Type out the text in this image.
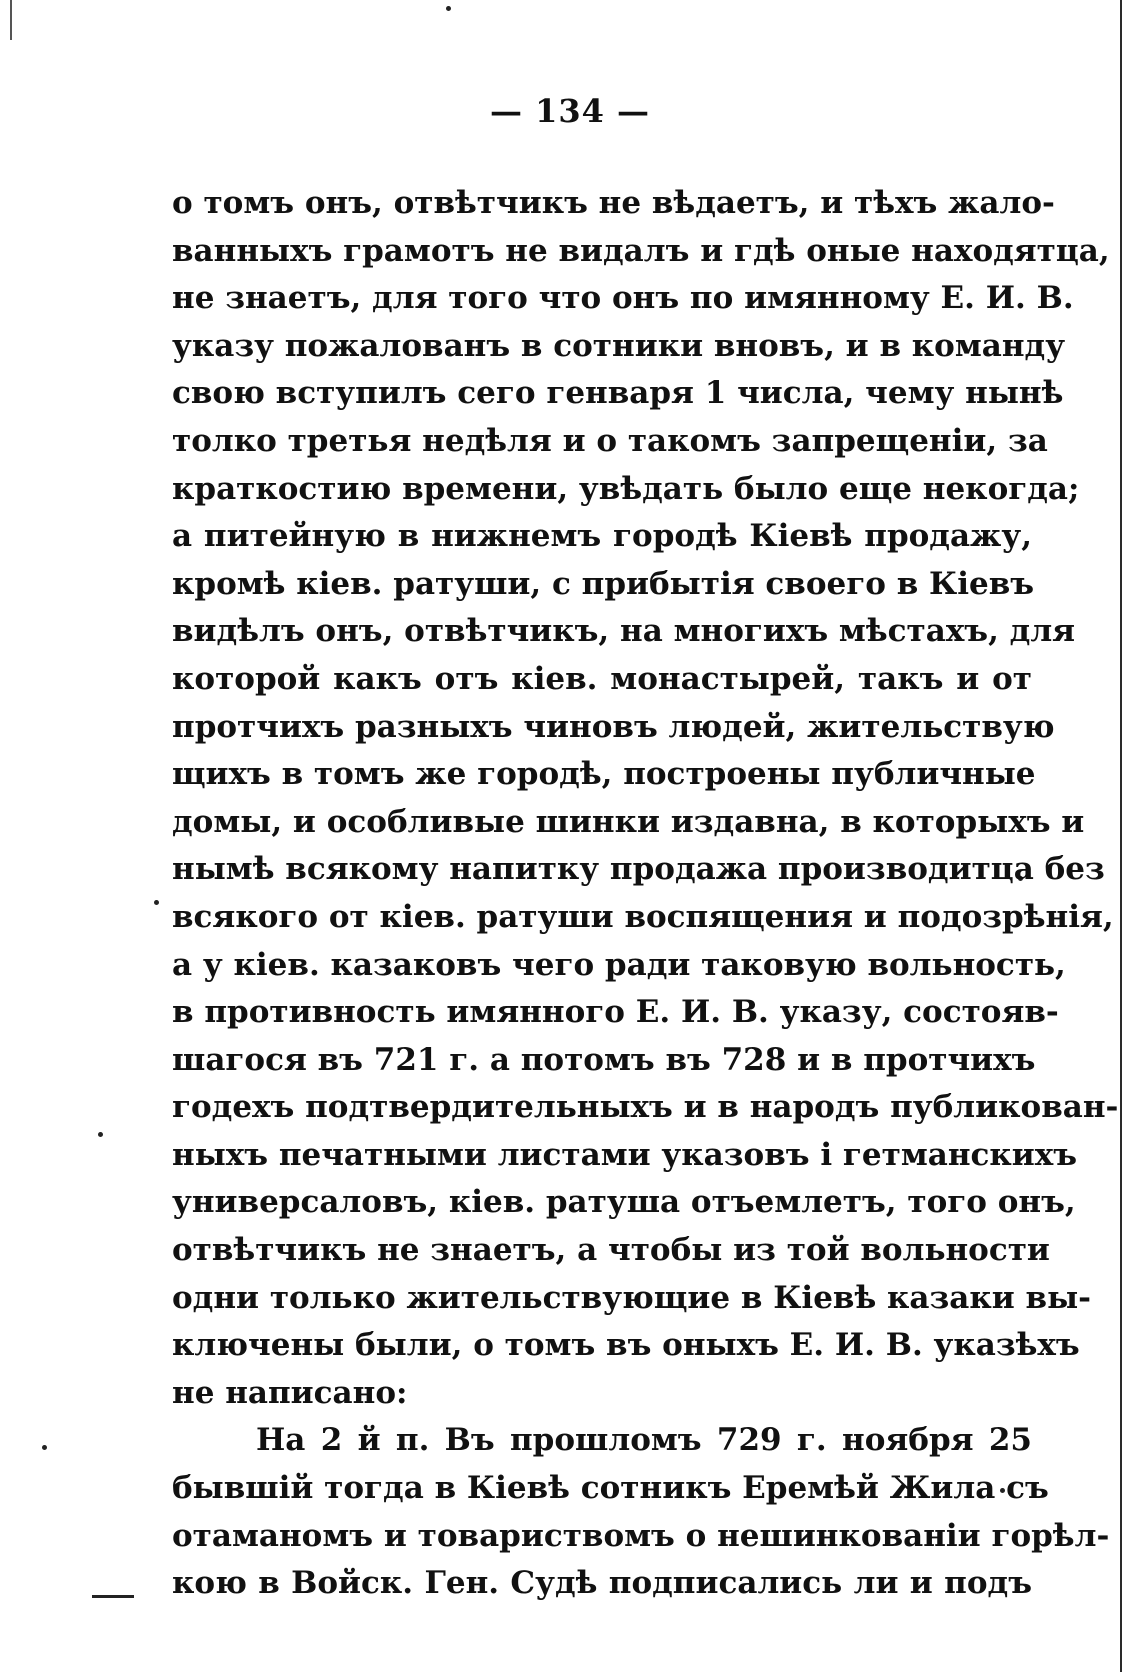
— 134 —
о томъ онъ, отвѣтчикъ не вѣдаетъ, и тѣхъ жало-
ванныхъ грамотъ не видалъ и гдѣ оные находятца,
не знаетъ, для того что онъ по имянному Е. И. В.
указу пожалованъ в сотники вновъ, и в команду
свою вступилъ сего генваря 1 числа, чему нынѣ
толко третья недѣля и о такомъ запрещенiи, за
краткостию времени, увѣдать было еще некогда;
а питейную в нижнемъ городѣ Кiевѣ продажу,
кромѣ кiев. ратуши, с прибытiя своего в Кiевъ
видѣлъ онъ, отвѣтчикъ, на многихъ мѣстахъ, для
которой какъ отъ кiев. монастырей, такъ и от
протчихъ разныхъ чиновъ людей, жительствую
щихъ в томъ же городѣ, построены публичные
домы, и особливые шинки издавна, в которыхъ и
нымѣ всякому напитку продажа производитца без
всякого от кiев. ратуши воспящения и подозрѣнiя,
а у кiев. казаковъ чего ради таковую вольность,
в противность имянного Е. И. В. указу, состояв-
шагося въ 721 г. а потомъ въ 728 и в протчихъ
годехъ подтвердительныхъ и в народъ публикован-
ныхъ печатными листами указовъ і гетманскихъ
универсаловъ, кiев. ратуша отъемлетъ, того онъ,
отвѣтчикъ не знаетъ, а чтобы из той вольности
одни только жительствующие в Кiевѣ казаки вы-
ключены были, о томъ въ оныхъ Е. И. В. указѣхъ
не написано:
На 2 й п. Въ прошломъ 729 г. ноября 25
бывшiй тогда в Кiевѣ сотникъ Еремѣй Жила съ
отаманомъ и товариствомъ о нешинкованiи горѣл-
кою в Войск. Ген. Судѣ подписались ли и подъ
